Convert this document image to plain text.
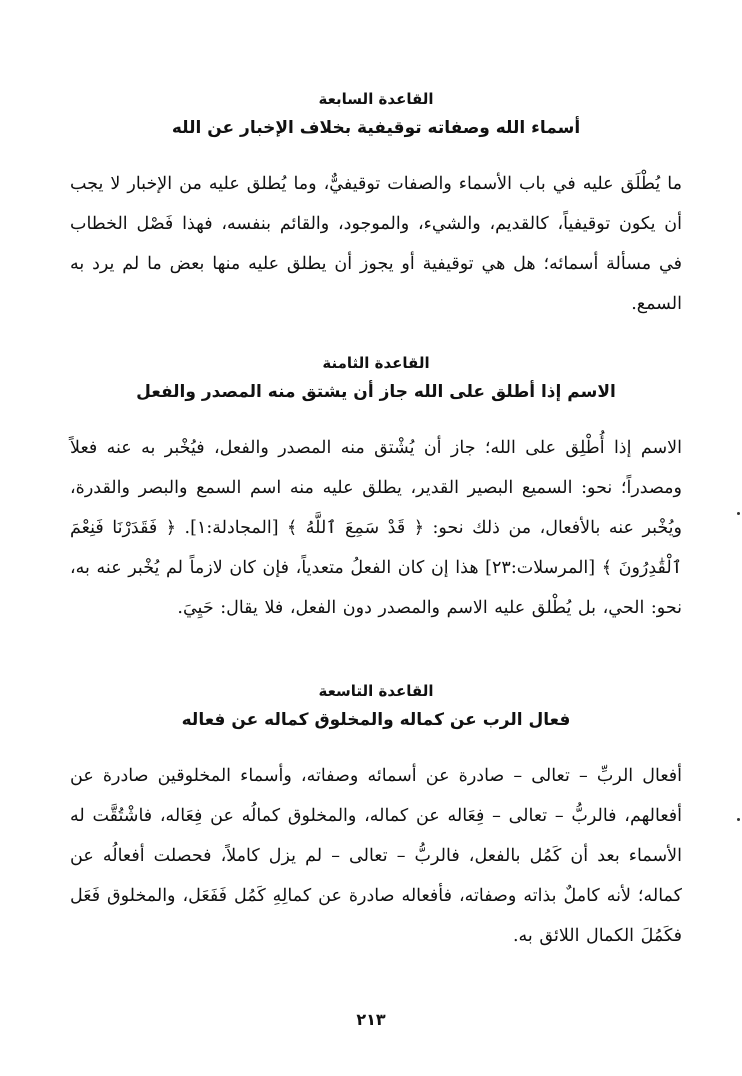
القاعدة السابعة
أسماء الله وصفاته توقيفية بخلاف الإخبار عن الله

ما يُطْلَق عليه في باب الأسماء والصفات توقيفيٌّ، وما يُطلق عليه من الإخبار لا يجب أن يكون توقيفياً، كالقديم، والشيء، والموجود، والقائم بنفسه، فهذا فَصْل الخطاب في مسألة أسمائه؛ هل هي توقيفية أو يجوز أن يطلق عليه منها بعض ما لم يرد به السمع.

القاعدة الثامنة
الاسم إذا أطلق على الله جاز أن يشتق منه المصدر والفعل

الاسم إذا أُطْلِق على الله؛ جاز أن يُشْتق منه المصدر والفعل، فيُخْبر به عنه فعلاً ومصدراً؛ نحو: السميع البصير القدير، يطلق عليه منه اسم السمع والبصر والقدرة، ويُخْبر عنه بالأفعال، من ذلك نحو: ﴿ قَدْ سَمِعَ ٱللَّهُ ﴾ [المجادلة:١]. ﴿ فَقَدَرْنَا فَنِعْمَ ٱلْقَٰدِرُونَ ﴾ [المرسلات:٢٣] هذا إن كان الفعلُ متعدياً، فإن كان لازماً لم يُخْبر عنه به، نحو: الحي، بل يُطْلق عليه الاسم والمصدر دون الفعل، فلا يقال: حَيِيَ.

القاعدة التاسعة
فعال الرب عن كماله والمخلوق كماله عن فعاله

أفعال الربِّ – تعالى – صادرة عن أسمائه وصفاته، وأسماء المخلوقين صادرة عن أفعالهم، فالربُّ – تعالى – فِعَاله عن كماله، والمخلوق كمالُه عن فِعَاله، فاشْتُقَّت له الأسماء بعد أن كَمُل بالفعل، فالربُّ – تعالى – لم يزل كاملاً، فحصلت أفعالُه عن كماله؛ لأنه كاملٌ بذاته وصفاته، فأفعاله صادرة عن كمالِهِ كَمُل فَفَعَل، والمخلوق فَعَل فكَمُلَ الكمال اللائق به.

٢١٣
